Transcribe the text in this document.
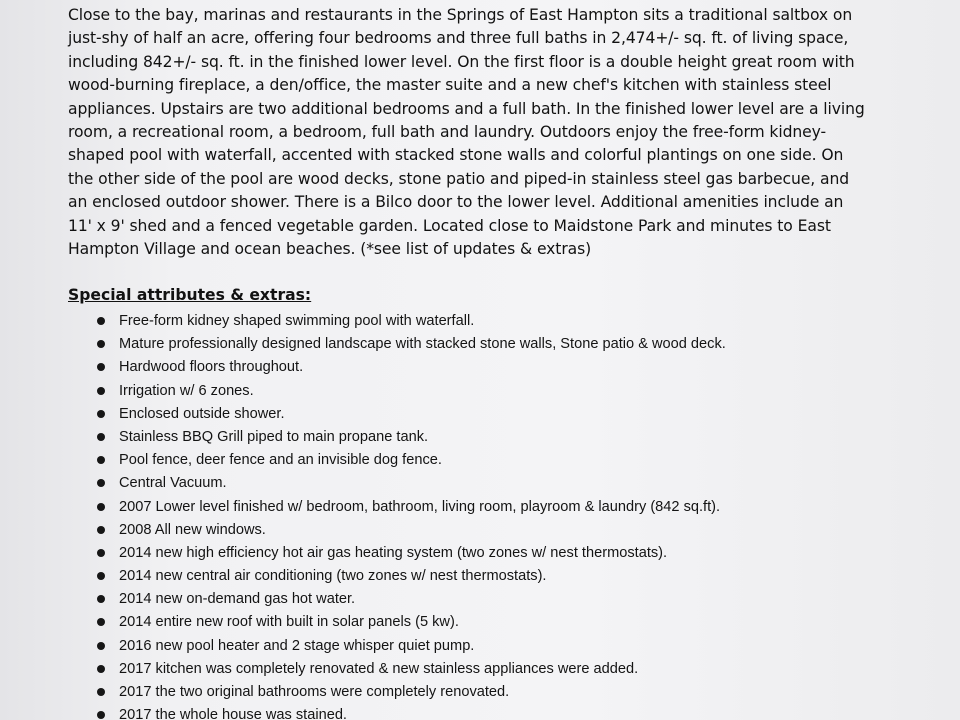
Close to the bay, marinas and restaurants in the Springs of East Hampton sits a traditional saltbox on
just-shy of half an acre, offering four bedrooms and three full baths in 2,474+/- sq. ft. of living space,
including 842+/- sq. ft. in the finished lower level. On the first floor is a double height great room with
wood-burning fireplace, a den/office, the master suite and a new chef's kitchen with stainless steel
appliances. Upstairs are two additional bedrooms and a full bath. In the finished lower level are a living
room, a recreational room, a bedroom, full bath and laundry. Outdoors enjoy the free-form kidney-
shaped pool with waterfall, accented with stacked stone walls and colorful plantings on one side. On
the other side of the pool are wood decks, stone patio and piped-in stainless steel gas barbecue, and
an enclosed outdoor shower. There is a Bilco door to the lower level. Additional amenities include an
11' x 9' shed and a fenced vegetable garden. Located close to Maidstone Park and minutes to East
Hampton Village and ocean beaches. (*see list of updates & extras)

Special attributes & extras:
Free-form kidney shaped swimming pool with waterfall.
Mature professionally designed landscape with stacked stone walls, Stone patio & wood deck.
Hardwood floors throughout.
Irrigation w/ 6 zones.
Enclosed outside shower.
Stainless BBQ Grill piped to main propane tank.
Pool fence, deer fence and an invisible dog fence.
Central Vacuum.
2007 Lower level finished w/ bedroom, bathroom, living room, playroom & laundry (842 sq.ft).
2008 All new windows.
2014 new high efficiency hot air gas heating system (two zones w/ nest thermostats).
2014 new central air conditioning (two zones w/ nest thermostats).
2014 new on-demand gas hot water.
2014 entire new roof with built in solar panels (5 kw).
2016 new pool heater and 2 stage whisper quiet pump.
2017 kitchen was completely renovated & new stainless appliances were added.
2017 the two original bathrooms were completely renovated.
2017 the whole house was stained.
